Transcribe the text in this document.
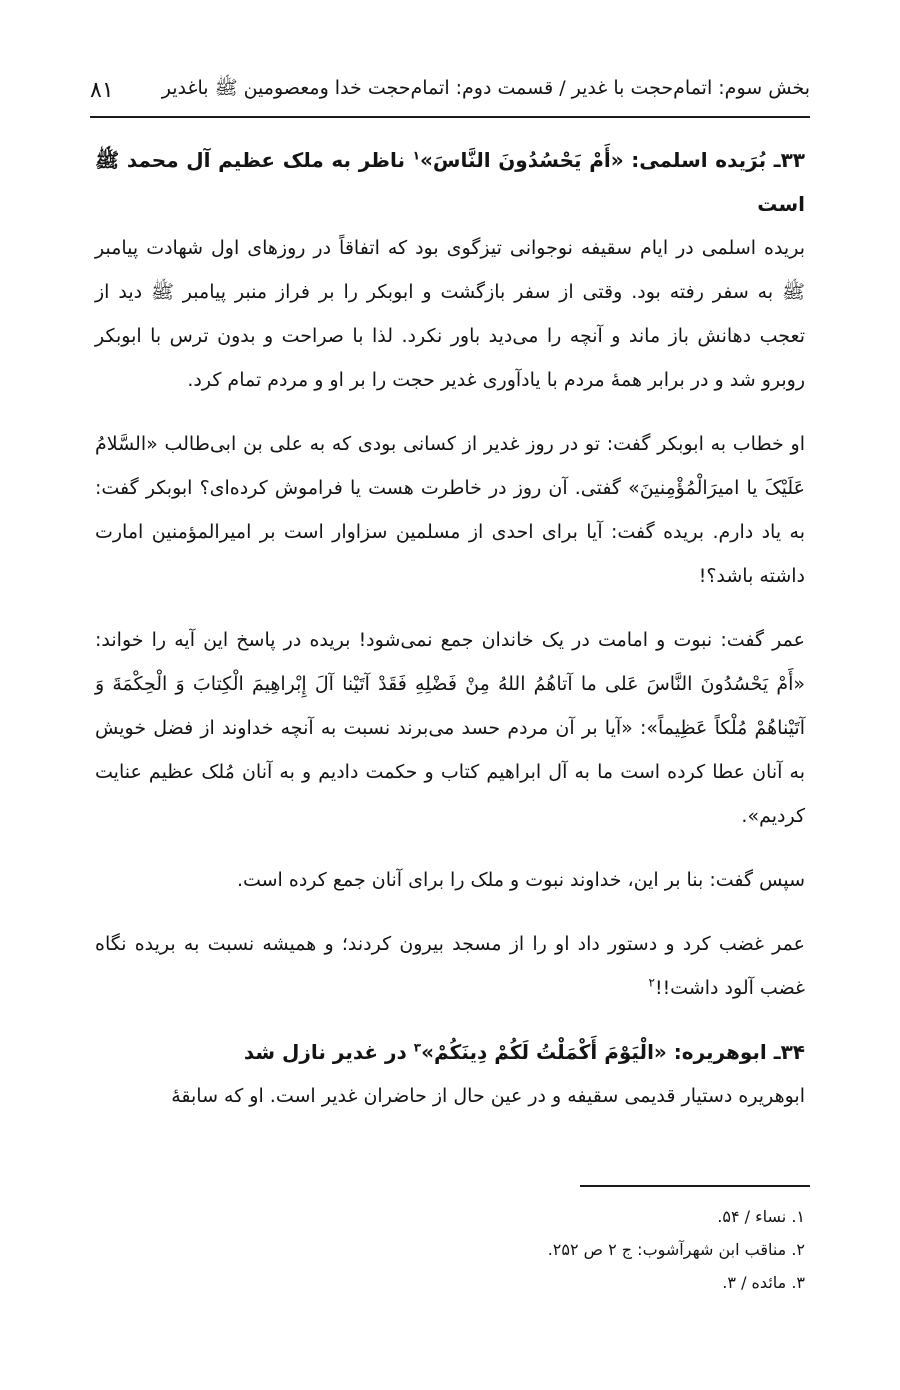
بخش سوم: اتمام‌حجت با غدیر / قسمت دوم: اتمام‌حجت خدا ومعصومین ﷺ باغدیر
۸۱
۳۳ـ بُرَیده اسلمی: «أَمْ یَحْسُدُونَ النَّاسَ»$^۱$ ناظر به ملک عظیم آل محمد ﷺ است

بریده اسلمی در ایام سقیفه نوجوانی تیزگوی بود که اتفاقاً در روزهای اول شهادت پیامبر ﷺ به سفر رفته بود. وقتی از سفر بازگشت و ابوبکر را بر فراز منبر پیامبر ﷺ دید از تعجب دهانش باز ماند و آنچه را می‌دید باور نکرد. لذا با صراحت و بدون ترس با ابوبکر روبرو شد و در برابر همهٔ مردم با یادآوری غدیر حجت را بر او و مردم تمام کرد.

او خطاب به ابوبکر گفت: تو در روز غدیر از کسانی بودی که به علی بن ابی‌طالب «السَّلامُ عَلَیْکَ یا امیرَالْمُؤْمِنینَ» گفتی. آن روز در خاطرت هست یا فراموش کرده‌ای؟ ابوبکر گفت: به یاد دارم. بریده گفت: آیا برای احدی از مسلمین سزاوار است بر امیرالمؤمنین امارت داشته باشد؟!

عمر گفت: نبوت و امامت در یک خاندان جمع نمی‌شود! بریده در پاسخ این آیه را خواند: «أَمْ یَحْسُدُونَ النَّاسَ عَلی ما آتاهُمُ اللهُ مِنْ فَضْلِهِ فَقَدْ آتَیْنا آلَ إِبْراهِیمَ الْکِتابَ وَ الْحِکْمَةَ وَ آتَیْناهُمْ مُلْکاً عَظِیماً»: «آیا بر آن مردم حسد می‌برند نسبت به آنچه خداوند از فضل خویش به آنان عطا کرده است ما به آل ابراهیم کتاب و حکمت دادیم و به آنان مُلک عظیم عنایت کردیم».

سپس گفت: بنا بر این، خداوند نبوت و ملک را برای آنان جمع کرده است.

عمر غضب کرد و دستور داد او را از مسجد بیرون کردند؛ و همیشه نسبت به بریده نگاه غضب آلود داشت!!$^۲$

۳۴ـ ابوهریره: «الْیَوْمَ أَکْمَلْتُ لَکُمْ دِینَکُمْ»$^۳$ در غدیر نازل شد

ابوهریره دستیار قدیمی سقیفه و در عین حال از حاضران غدیر است. او که سابقهٔ

۱. نساء / ۵۴.
۲. مناقب ابن شهرآشوب: ج ۲ ص ۲۵۲.
۳. مائده / ۳.
